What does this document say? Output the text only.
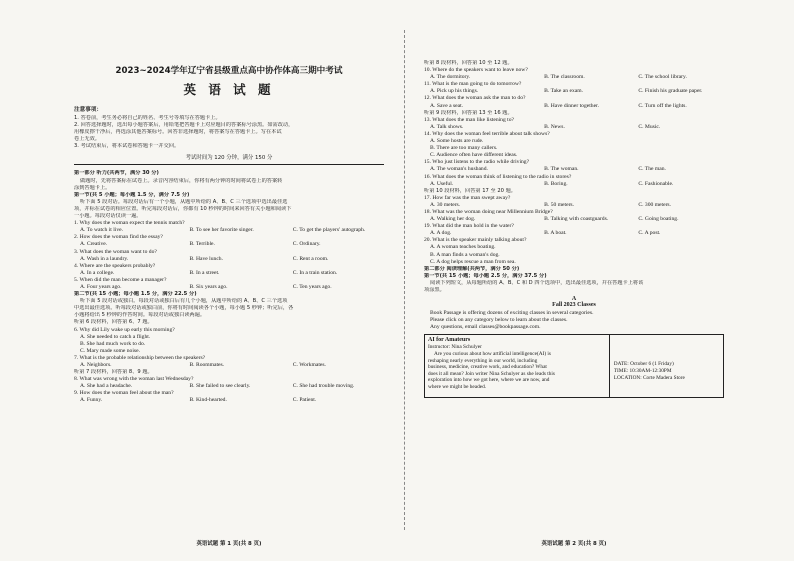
2023~2024学年辽宁省县级重点高中协作体高三期中考试
英 语 试 题
注意事项：
1. 答卷前，考生务必将自己的姓名、考生号等填写在答题卡上。
2. 回答选择题时，选出每小题答案后，用铅笔把答题卡上对应题目的答案标号涂黑。如需改动，
用橡皮擦干净后，再选涂其他答案标号。回答非选择题时，将答案写在答题卡上。写在本试
卷上无效。
3. 考试结束后，将本试卷和答题卡一并交回。
考试时间为 120 分钟，满分 150 分
第一部分 听力(共两节，满分 30 分)
做题时，先将答案标在试卷上。录音内容结束后，你将有两分钟的时间将试卷上的答案转
涂到答题卡上。
第一节(共 5 小题；每小题 1.5 分，满分 7.5 分)
听下面 5 段对话。每段对话后有一个小题，从题中所给的 A、B、C 三个选项中选出最佳选
项，并标在试卷的相应位置。听完每段对话后，你都有 10 秒钟的时间来回答有关小题和阅读下
一小题。每段对话仅读一遍。
1. Why does the woman expect the tennis match?
A. To watch it live.	B. To see her favorite singer.	C. To get the players' autograph.
2. How does the woman find the essay?
A. Creative.	B. Terrible.	C. Ordinary.
3. What does the woman want to do?
A. Wash in a laundry.	B. Have lunch.	C. Rent a room.
4. Where are the speakers probably?
A. In a college.	B. In a street.	C. In a train station.
5. When did the man become a manager?
A. Four years ago.	B. Six years ago.	C. Ten years ago.
第二节(共 15 小题；每小题 1.5 分，满分 22.5 分)
听下面 5 段对话或独白。每段对话或独白后有几个小题，从题中所给的 A、B、C 三个选项
中选出最佳选项。听每段对话或独白前，你将有时间阅读各个小题，每小题 5 秒钟；听完后，各
小题将给出 5 秒钟的作答时间。每段对话或独白读两遍。
听第 6 段材料，回答第 6、7 题。
6. Why did Lily wake up early this morning?
A. She needed to catch a flight.
B. She had much work to do.
C. Mary made some noise.
7. What is the probable relationship between the speakers?
A. Neighbors.	B. Roommates.	C. Workmates.
听第 7 段材料，回答第 8、9 题。
8. What was wrong with the woman last Wednesday?
A. She had a headache.	B. She failed to see clearly.	C. She had trouble moving.
9. How does the woman feel about the man?
A. Funny.	B. Kind-hearted.	C. Patient.
英语试题 第 1 页(共 8 页)
听第 8 段材料，回答第 10 至 12 题。
10. Where do the speakers want to leave now?
A. The dormitory.	B. The classroom.	C. The school library.
11. What is the man going to do tomorrow?
A. Pick up his things.	B. Take an exam.	C. Finish his graduate paper.
12. What does the woman ask the man to do?
A. Save a seat.	B. Have dinner together.	C. Turn off the lights.
听第 9 段材料，回答第 13 至 16 题。
13. What does the man like listening to?
A. Talk shows.	B. News.	C. Music.
14. Why does the woman feel terrible about talk shows?
A. Some hosts are rude.
B. There are too many callers.
C. Audience often have different ideas.
15. Who just listens to the radio while driving?
A. The woman's husband.	B. The woman.	C. The man.
16. What does the woman think of listening to the radio in stores?
A. Useful.	B. Boring.	C. Fashionable.
听第 10 段材料，回答第 17 至 20 题。
17. How far was the man swept away?
A. 30 meters.	B. 50 meters.	C. 300 meters.
18. What was the woman doing near Millennium Bridge?
A. Walking her dog.	B. Talking with coastguards.	C. Going boating.
19. What did the man hold in the water?
A. A dog.	B. A boat.	C. A post.
20. What is the speaker mainly talking about?
A. A woman teaches boating.
B. A man finds a woman's dog.
C. A dog helps rescue a man from sea.
第二部分 阅读理解(共两节，满分 50 分)
第一节(共 15 小题；每小题 2.5 分，满分 37.5 分)
阅读下列短文，从每题所给的 A、B、C 和 D 四个选项中，选出最佳选项，并在答题卡上将该
项涂黑。
A
Fall 2023 Classes
Book Passage is offering dozens of exciting classes in several categories.
Please click on any category below to learn about the classes.
Any questions, email classes@bookpassage.com.
AI for Amateurs
Instructor: Nina Schulyer
Are you curious about how artificial intelligence(AI) is
reshaping nearly everything in our world, including
business, medicine, creative work, and education? What
does it all mean? Join writer Nina Schulyer as she leads this
exploration into how we got here, where we are now, and
where we might be headed.
DATE: October 6 (1 Friday)
TIME: 10:30AM-12:30PM
LOCATION: Corte Madera Store
英语试题 第 2 页(共 8 页)
